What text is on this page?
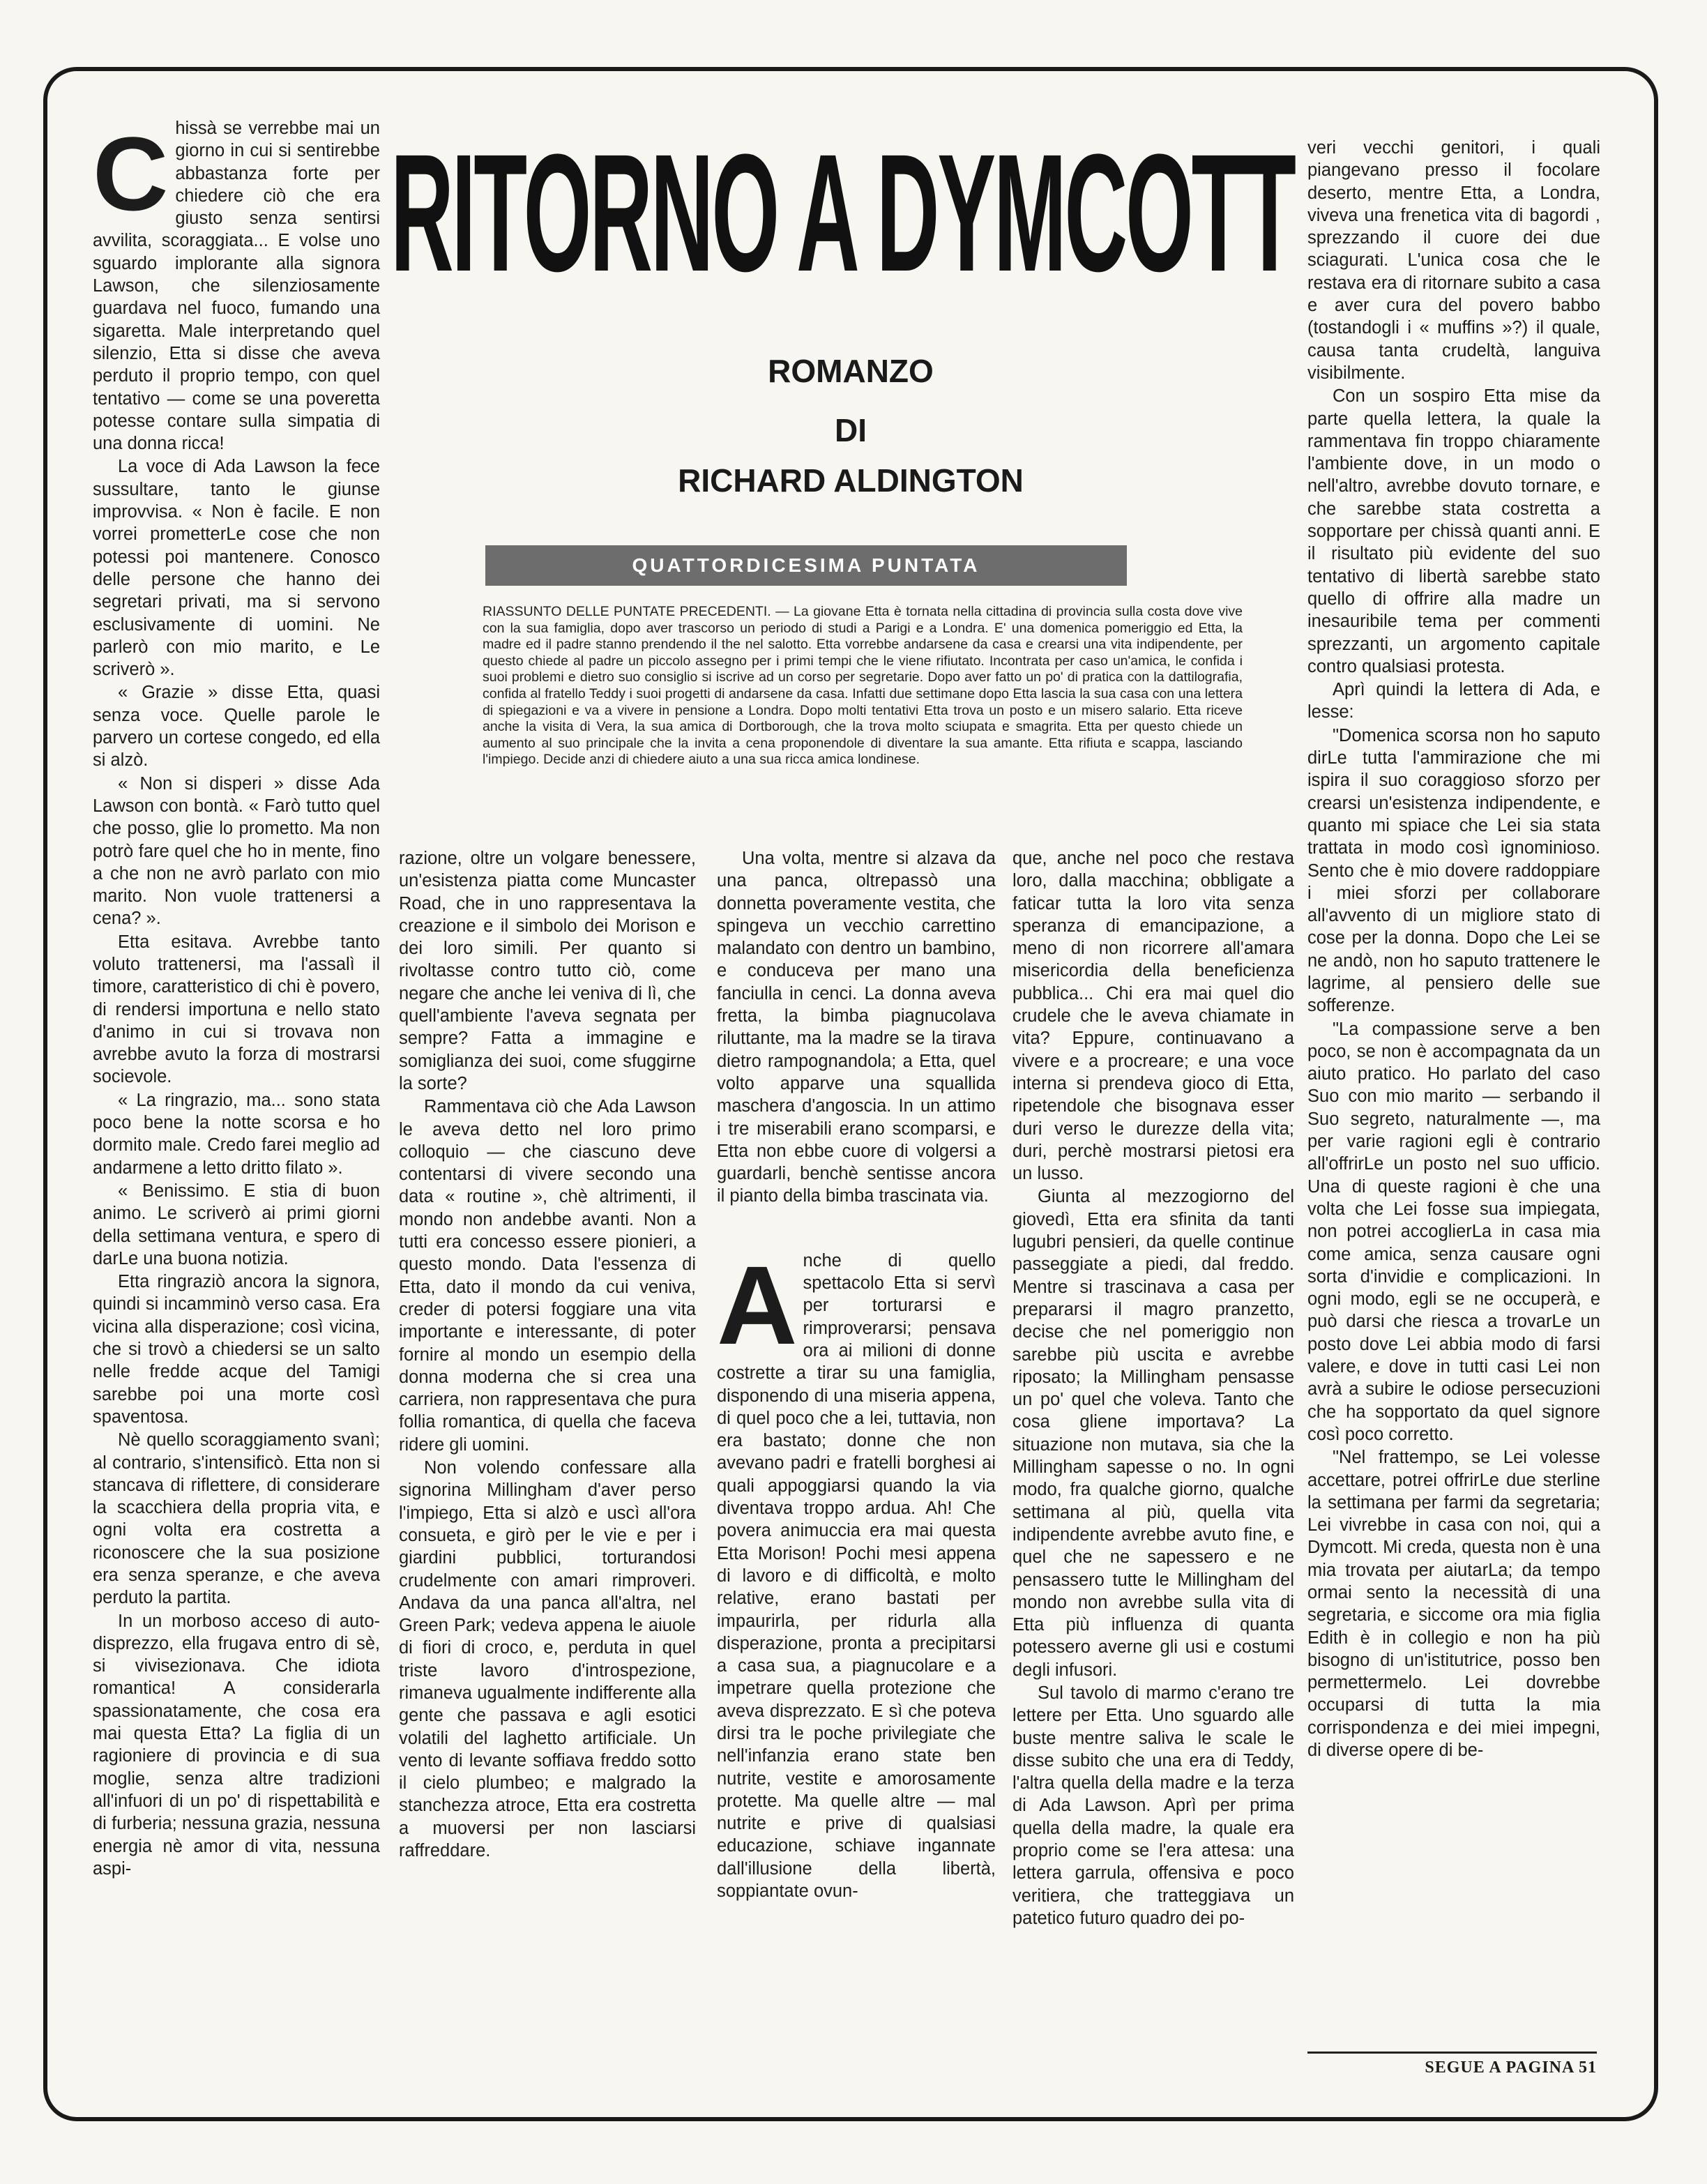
RITORNO A DYMCOTT
ROMANZO
DI
RICHARD ALDINGTON
QUATTORDICESIMA PUNTATA
RIASSUNTO DELLE PUNTATE PRECEDENTI. — La giovane Etta è tornata nella cittadina di provincia sulla costa dove vive con la sua famiglia, dopo aver trascorso un periodo di studi a Parigi e a Londra. E' una domenica pomeriggio ed Etta, la madre ed il padre stanno prendendo il the nel salotto. Etta vorrebbe andarsene da casa e crearsi una vita indipendente, per questo chiede al padre un piccolo assegno per i primi tempi che le viene rifiutato. Incontrata per caso un'amica, le confida i suoi problemi e dietro suo consiglio si iscrive ad un corso per segretarie. Dopo aver fatto un po' di pratica con la dattilografia, confida al fratello Teddy i suoi progetti di andarsene da casa. Infatti due settimane dopo Etta lascia la sua casa con una lettera di spiegazioni e va a vivere in pensione a Londra. Dopo molti tentativi Etta trova un posto e un misero salario. Etta riceve anche la visita di Vera, la sua amica di Dortborough, che la trova molto sciupata e smagrita. Etta per questo chiede un aumento al suo principale che la invita a cena proponendole di diventare la sua amante. Etta rifiuta e scappa, lasciando l'impiego. Decide anzi di chiedere aiuto a una sua ricca amica londinese.

Chissà se verrebbe mai un giorno in cui si sentirebbe abbastanza forte per chiedere ciò che era giusto senza sentirsi avvilita, scoraggiata... E volse uno sguardo implorante alla signora Lawson, che silenziosamente guardava nel fuoco, fumando una sigaretta. Male interpretando quel silenzio, Etta si disse che aveva perduto il proprio tempo, con quel tentativo — come se una poveretta potesse contare sulla simpatia di una donna ricca!

La voce di Ada Lawson la fece sussultare, tanto le giunse improvvisa. « Non è facile. E non vorrei prometterLe cose che non potessi poi mantenere. Conosco delle persone che hanno dei segretari privati, ma si servono esclusivamente di uomini. Ne parlerò con mio marito, e Le scriverò ».

« Grazie » disse Etta, quasi senza voce. Quelle parole le parvero un cortese congedo, ed ella si alzò.

« Non si disperi » disse Ada Lawson con bontà. « Farò tutto quel che posso, glie lo prometto. Ma non potrò fare quel che ho in mente, fino a che non ne avrò parlato con mio marito. Non vuole trattenersi a cena? ».

Etta esitava. Avrebbe tanto voluto trattenersi, ma l'assalì il timore, caratteristico di chi è povero, di rendersi importuna e nello stato d'animo in cui si trovava non avrebbe avuto la forza di mostrarsi socievole.

« La ringrazio, ma... sono stata poco bene la notte scorsa e ho dormito male. Credo farei meglio ad andarmene a letto dritto filato ».

« Benissimo. E stia di buon animo. Le scriverò ai primi giorni della settimana ventura, e spero di darLe una buona notizia.

Etta ringraziò ancora la signora, quindi si incamminò verso casa. Era vicina alla disperazione; così vicina, che si trovò a chiedersi se un salto nelle fredde acque del Tamigi sarebbe poi una morte così spaventosa.

Nè quello scoraggiamento svanì; al contrario, s'intensificò. Etta non si stancava di riflettere, di considerare la scacchiera della propria vita, e ogni volta era costretta a riconoscere che la sua posizione era senza speranze, e che aveva perduto la partita.

In un morboso acceso di auto-disprezzo, ella frugava entro di sè, si vivisezionava. Che idiota romantica! A considerarla spassionatamente, che cosa era mai questa Etta? La figlia di un ragioniere di provincia e di sua moglie, senza altre tradizioni all'infuori di un po' di rispettabilità e di furberia; nessuna grazia, nessuna energia nè amor di vita, nessuna aspi-

razione, oltre un volgare benessere, un'esistenza piatta come Muncaster Road, che in uno rappresentava la creazione e il simbolo dei Morison e dei loro simili. Per quanto si rivoltasse contro tutto ciò, come negare che anche lei veniva di lì, che quell'ambiente l'aveva segnata per sempre? Fatta a immagine e somiglianza dei suoi, come sfuggirne la sorte?

Rammentava ciò che Ada Lawson le aveva detto nel loro primo colloquio — che ciascuno deve contentarsi di vivere secondo una data « routine », chè altrimenti, il mondo non andebbe avanti. Non a tutti era concesso essere pionieri, a questo mondo. Data l'essenza di Etta, dato il mondo da cui veniva, creder di potersi foggiare una vita importante e interessante, di poter fornire al mondo un esempio della donna moderna che si crea una carriera, non rappresentava che pura follia romantica, di quella che faceva ridere gli uomini.

Non volendo confessare alla signorina Millingham d'aver perso l'impiego, Etta si alzò e uscì all'ora consueta, e girò per le vie e per i giardini pubblici, torturandosi crudelmente con amari rimproveri. Andava da una panca all'altra, nel Green Park; vedeva appena le aiuole di fiori di croco, e, perduta in quel triste lavoro d'introspezione, rimaneva ugualmente indifferente alla gente che passava e agli esotici volatili del laghetto artificiale. Un vento di levante soffiava freddo sotto il cielo plumbeo; e malgrado la stanchezza atroce, Etta era costretta a muoversi per non lasciarsi raffreddare.

Una volta, mentre si alzava da una panca, oltrepassò una donnetta poveramente vestita, che spingeva un vecchio carrettino malandato con dentro un bambino, e conduceva per mano una fanciulla in cenci. La donna aveva fretta, la bimba piagnucolava riluttante, ma la madre se la tirava dietro rampognandola; a Etta, quel volto apparve una squallida maschera d'angoscia. In un attimo i tre miserabili erano scomparsi, e Etta non ebbe cuore di volgersi a guardarli, benchè sentisse ancora il pianto della bimba trascinata via.

Anche di quello spettacolo Etta si servì per torturarsi e rimproverarsi; pensava ora ai milioni di donne costrette a tirar su una famiglia, disponendo di una miseria appena, di quel poco che a lei, tuttavia, non era bastato; donne che non avevano padri e fratelli borghesi ai quali appoggiarsi quando la via diventava troppo ardua. Ah! Che povera animuccia era mai questa Etta Morison! Pochi mesi appena di lavoro e di difficoltà, e molto relative, erano bastati per impaurirla, per ridurla alla disperazione, pronta a precipitarsi a casa sua, a piagnucolare e a impetrare quella protezione che aveva disprezzato. E sì che poteva dirsi tra le poche privilegiate che nell'infanzia erano state ben nutrite, vestite e amorosamente protette. Ma quelle altre — mal nutrite e prive di qualsiasi educazione, schiave ingannate dall'illusione della libertà, soppiantate ovun-

que, anche nel poco che restava loro, dalla macchina; obbligate a faticar tutta la loro vita senza speranza di emancipazione, a meno di non ricorrere all'amara misericordia della beneficienza pubblica... Chi era mai quel dio crudele che le aveva chiamate in vita? Eppure, continuavano a vivere e a procreare; e una voce interna si prendeva gioco di Etta, ripetendole che bisognava esser duri verso le durezze della vita; duri, perchè mostrarsi pietosi era un lusso.

Giunta al mezzogiorno del giovedì, Etta era sfinita da tanti lugubri pensieri, da quelle continue passeggiate a piedi, dal freddo. Mentre si trascinava a casa per prepararsi il magro pranzetto, decise che nel pomeriggio non sarebbe più uscita e avrebbe riposato; la Millingham pensasse un po' quel che voleva. Tanto che cosa gliene importava? La situazione non mutava, sia che la Millingham sapesse o no. In ogni modo, fra qualche giorno, qualche settimana al più, quella vita indipendente avrebbe avuto fine, e quel che ne sapessero e ne pensassero tutte le Millingham del mondo non avrebbe sulla vita di Etta più influenza di quanta potessero averne gli usi e costumi degli infusori.

Sul tavolo di marmo c'erano tre lettere per Etta. Uno sguardo alle buste mentre saliva le scale le disse subito che una era di Teddy, l'altra quella della madre e la terza di Ada Lawson. Aprì per prima quella della madre, la quale era proprio come se l'era attesa: una lettera garrula, offensiva e poco veritiera, che tratteggiava un patetico futuro quadro dei po-

veri vecchi genitori, i quali piangevano presso il focolare deserto, mentre Etta, a Londra, viveva una frenetica vita di bagordi , sprezzando il cuore dei due sciagurati. L'unica cosa che le restava era di ritornare subito a casa e aver cura del povero babbo (tostandogli i « muffins »?) il quale, causa tanta crudeltà, languiva visibilmente.

Con un sospiro Etta mise da parte quella lettera, la quale la rammentava fin troppo chiaramente l'ambiente dove, in un modo o nell'altro, avrebbe dovuto tornare, e che sarebbe stata costretta a sopportare per chissà quanti anni. E il risultato più evidente del suo tentativo di libertà sarebbe stato quello di offrire alla madre un inesauribile tema per commenti sprezzanti, un argomento capitale contro qualsiasi protesta.

Aprì quindi la lettera di Ada, e lesse:

"Domenica scorsa non ho saputo dirLe tutta l'ammirazione che mi ispira il suo coraggioso sforzo per crearsi un'esistenza indipendente, e quanto mi spiace che Lei sia stata trattata in modo così ignominioso. Sento che è mio dovere raddoppiare i miei sforzi per collaborare all'avvento di un migliore stato di cose per la donna. Dopo che Lei se ne andò, non ho saputo trattenere le lagrime, al pensiero delle sue sofferenze.

"La compassione serve a ben poco, se non è accompagnata da un aiuto pratico. Ho parlato del caso Suo con mio marito — serbando il Suo segreto, naturalmente —, ma per varie ragioni egli è contrario all'offrirLe un posto nel suo ufficio. Una di queste ragioni è che una volta che Lei fosse sua impiegata, non potrei accoglierLa in casa mia come amica, senza causare ogni sorta d'invidie e complicazioni. In ogni modo, egli se ne occuperà, e può darsi che riesca a trovarLe un posto dove Lei abbia modo di farsi valere, e dove in tutti casi Lei non avrà a subire le odiose persecuzioni che ha sopportato da quel signore così poco corretto.

"Nel frattempo, se Lei volesse accettare, potrei offrirLe due sterline la settimana per farmi da segretaria; Lei vivrebbe in casa con noi, qui a Dymcott. Mi creda, questa non è una mia trovata per aiutarLa; da tempo ormai sento la necessità di una segretaria, e siccome ora mia figlia Edith è in collegio e non ha più bisogno di un'istitutrice, posso ben permettermelo. Lei dovrebbe occuparsi di tutta la mia corrispondenza e dei miei impegni, di diverse opere di be-

SEGUE A PAGINA 51
